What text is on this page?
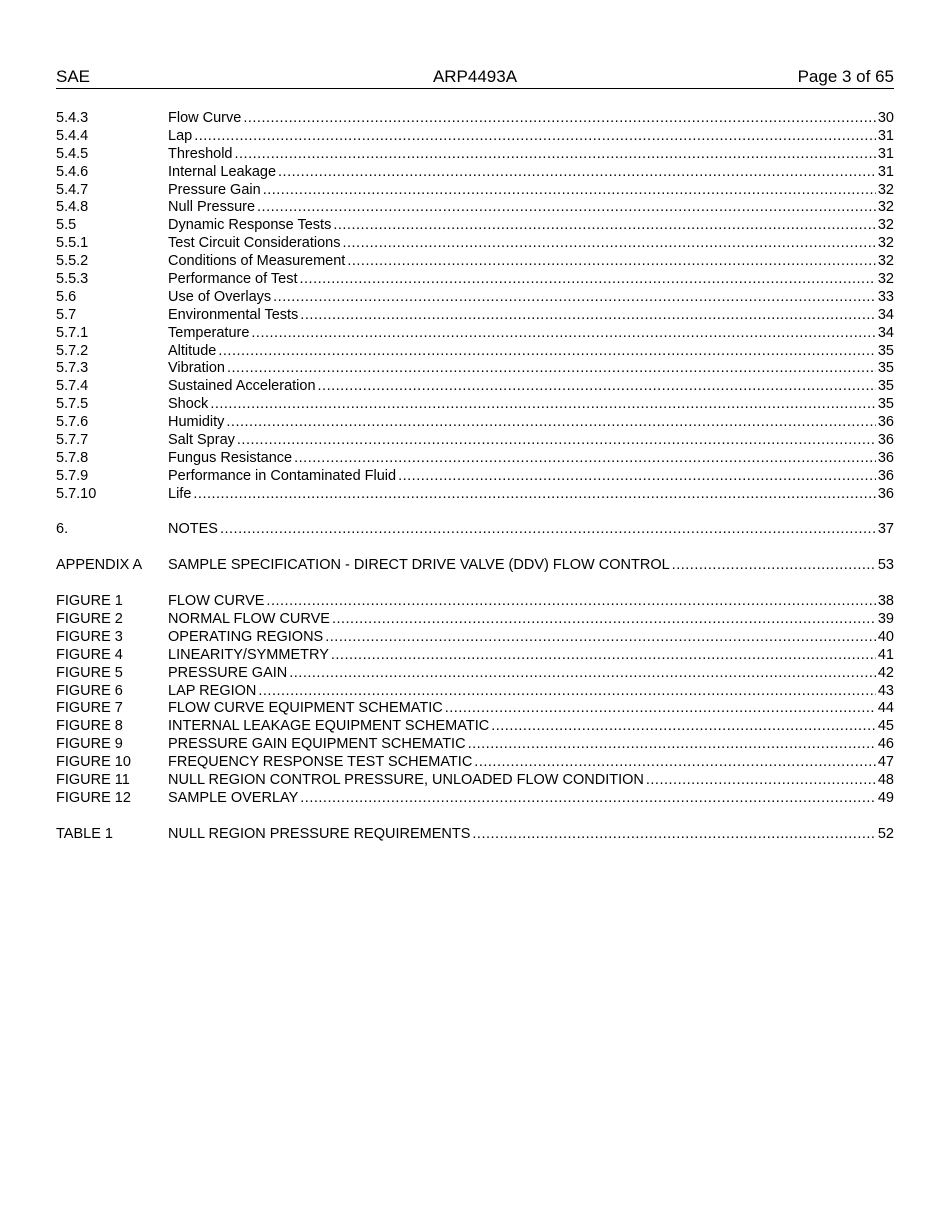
SAE	ARP4493A	Page 3 of 65
5.4.3	Flow Curve .....	30
5.4.4	Lap .....	31
5.4.5	Threshold .....	31
5.4.6	Internal Leakage .....	31
5.4.7	Pressure Gain .....	32
5.4.8	Null Pressure .....	32
5.5	Dynamic Response Tests .....	32
5.5.1	Test Circuit Considerations .....	32
5.5.2	Conditions of Measurement .....	32
5.5.3	Performance of Test .....	32
5.6	Use of Overlays .....	33
5.7	Environmental Tests .....	34
5.7.1	Temperature .....	34
5.7.2	Altitude .....	35
5.7.3	Vibration .....	35
5.7.4	Sustained Acceleration .....	35
5.7.5	Shock .....	35
5.7.6	Humidity .....	36
5.7.7	Salt Spray .....	36
5.7.8	Fungus Resistance .....	36
5.7.9	Performance in Contaminated Fluid .....	36
5.7.10	Life .....	36
6.	NOTES .....	37
APPENDIX A	SAMPLE SPECIFICATION - DIRECT DRIVE VALVE (DDV) FLOW CONTROL .....	53
FIGURE 1	FLOW CURVE .....	38
FIGURE 2	NORMAL FLOW CURVE .....	39
FIGURE 3	OPERATING REGIONS .....	40
FIGURE 4	LINEARITY/SYMMETRY .....	41
FIGURE 5	PRESSURE GAIN .....	42
FIGURE 6	LAP REGION .....	43
FIGURE 7	FLOW CURVE EQUIPMENT SCHEMATIC .....	44
FIGURE 8	INTERNAL LEAKAGE EQUIPMENT SCHEMATIC .....	45
FIGURE 9	PRESSURE GAIN EQUIPMENT SCHEMATIC .....	46
FIGURE 10	FREQUENCY RESPONSE TEST SCHEMATIC .....	47
FIGURE 11	NULL REGION CONTROL PRESSURE, UNLOADED FLOW CONDITION .....	48
FIGURE 12	SAMPLE OVERLAY .....	49
TABLE 1	NULL REGION PRESSURE REQUIREMENTS .....	52
